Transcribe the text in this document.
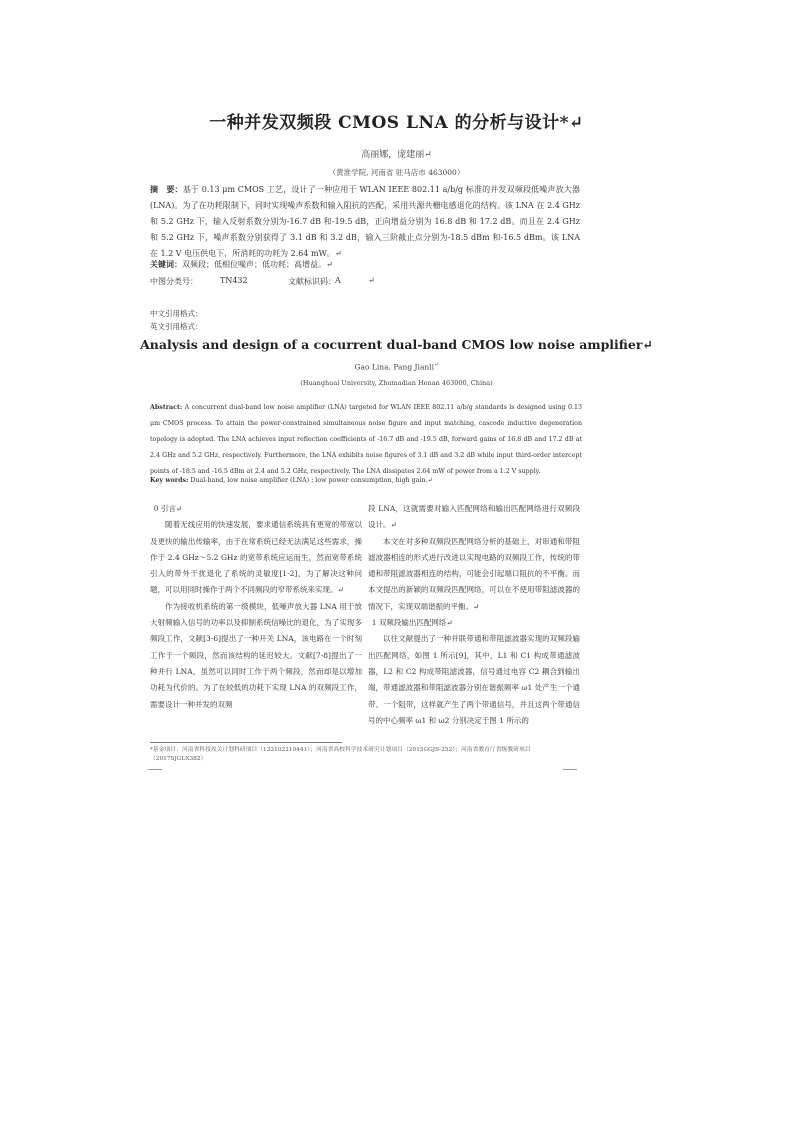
一种并发双频段 CMOS LNA 的分析与设计*↵
高丽娜，庞建丽↵
（黄淮学院, 河南省 驻马店市 463000）
摘　要：基于 0.13 μm CMOS 工艺，设计了一种应用于 WLAN IEEE 802.11 a/b/g 标准的并发双频段低噪声放大器(LNA)。为了在功耗限制下，同时实现噪声系数和输入阻抗的匹配，采用共源共栅电感退化的结构。该 LNA 在 2.4 GHz 和 5.2 GHz 下，输入反射系数分别为-16.7 dB 和-19.5 dB，正向增益分别为 16.8 dB 和 17.2 dB。而且在 2.4 GHz 和 5.2 GHz 下，噪声系数分别获得了 3.1 dB 和 3.2 dB，输入三阶截止点分别为-18.5 dBm 和-16.5 dBm。该 LNA 在 1.2 V 电压供电下，所消耗的功耗为 2.64 mW。↵
关键词：双频段；低相位噪声；低功耗；高增益。↵
中图分类号：	TN432	文献标识码： A	↵
中文引用格式：
英文引用格式：
Analysis and design of a cocurrent dual-band CMOS low noise amplifier↵
Gao Lina, Pang Jianli↵
(Huanghuai University, Zhumadian Henan 463000, China)
Abstract: A concurrent dual-band low noise amplifier (LNA) targeted for WLAN IEEE 802.11 a/b/g standards is designed using 0.13 μm CMOS process. To attain the power-constrained simultaneous noise figure and input matching, cascode inductive degeneration topology is adopted. The LNA achieves input reflection coefficients of -16.7 dB and -19.5 dB, forward gains of 16.8 dB and 17.2 dB at 2.4 GHz and 5.2 GHz, respectively. Furthermore, the LNA exhibits noise figures of 3.1 dB and 3.2 dB while input third-order intercept points of -18.5 and -16.5 dBm at 2.4 and 5.2 GHz, respectively. The LNA dissipates 2.64 mW of power from a 1.2 V supply.
Key words: Dual-band, low noise amplifier (LNA) ; low power consumption, high gain.↵

0 引言↵

随着无线应用的快速发展，要求通信系统具有更宽的带宽以及更快的输出传输率，由于在常系统已经无法满足这些需求，操作于 2.4 GHz～5.2 GHz 的宽带系统应运而生，然而宽带系统引入的带外干扰退化了系统的灵敏度[1-2]，为了解决这种问题，可以用同时操作于两个不同频段的窄带系统来实现。↵

作为接收机系统的第一级模块，低噪声放大器 LNA 用于放大射频输入信号的功率以及抑制系统信噪比的退化，为了实现多频段工作，文献[3-6]提出了一种开关 LNA，该电路在一个时刻工作于一个频段，然而该结构的延迟较大。文献[7-8]提出了一种并行 LNA，虽然可以同时工作于两个频段，然而却是以增加功耗为代价的。为了在较低的功耗下实现 LNA 的双频段工作，需要设计一种并发的双频

段 LNA，这就需要对输入匹配网络和输出匹配网络进行双频段设计。↵

本文在对多种双频段匹配网络分析的基础上，对串通和带阻滤波器相连的形式进行改进以实现电路的双频段工作，传统的带通和带阻滤波器相连的结构，可能会引起端口阻抗的不平衡。而本文提出的新颖的双频段匹配网络，可以在不使用带阻滤波器的情况下，实现双端谐振的平衡。↵

1 双频段输出匹配网络↵

以往文献提出了一种并联带通和带阻滤波器实现的双频段输出匹配网络，如图 1 所示[9]，其中，L1 和 C1 构成带通滤波器，L2 和 C2 构成带阻滤波器，信号通过电容 C2 耦合到输出端，带通滤波器和带阻滤波器分别在谐振频率 ω1 处产生一个通带、一个阻带，这样就产生了两个带通信号，并且这两个带通信号的中心频率 ω1 和 ω2 分别决定于图 1 所示的

*基金项目：河南省科技攻关计划科研项目（132102210441）；河南省高校科学技术研究计划项目（2015GGJS-252）；河南省教育厅省级教研项目（2017SJGLX382）
